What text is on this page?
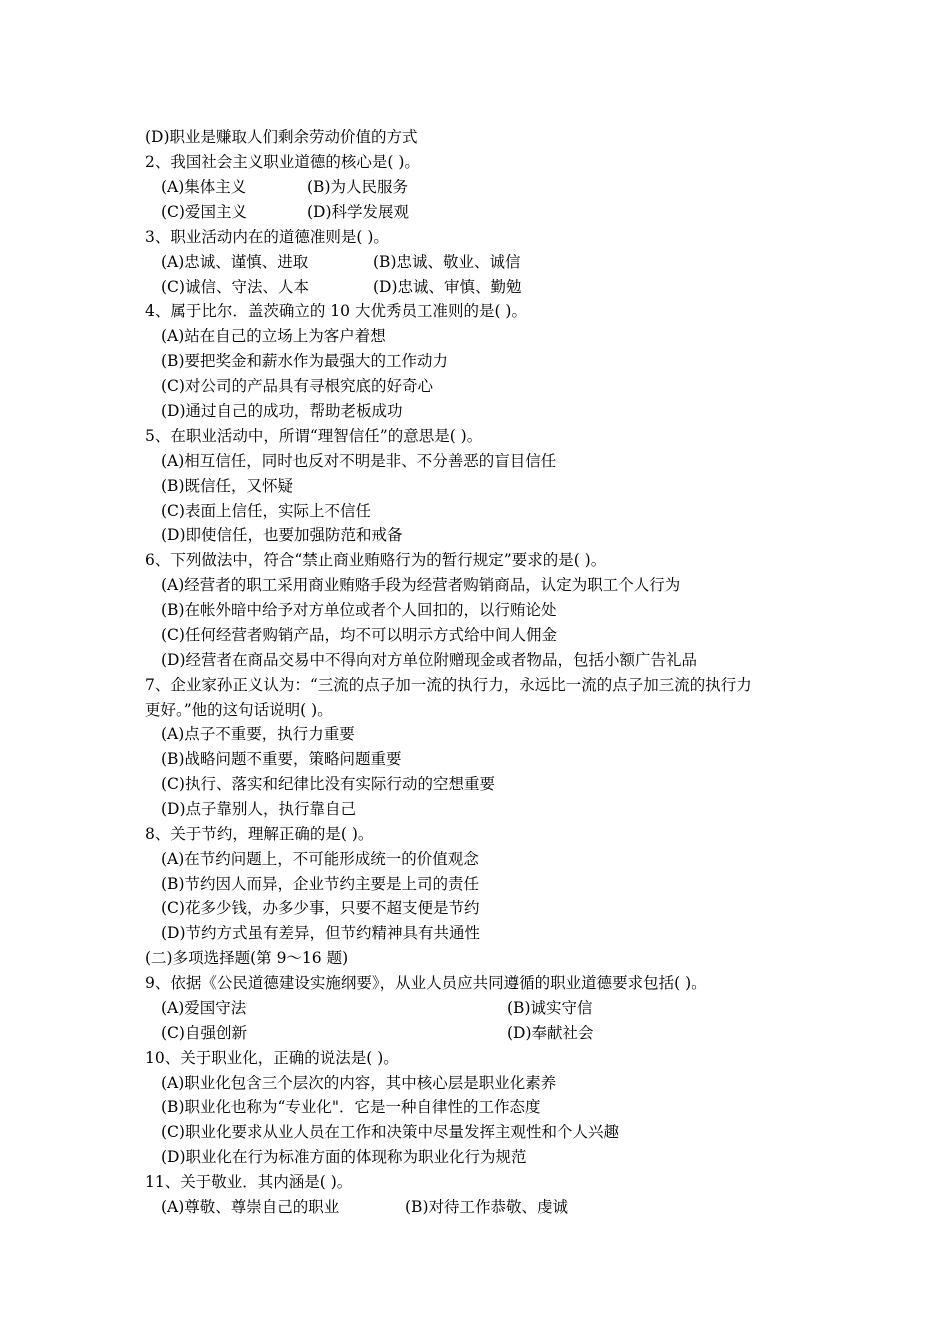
(D)职业是赚取人们剩余劳动价值的方式
2、我国社会主义职业道德的核心是( )。
(A)集体主义	(B)为人民服务
(C)爱国主义	(D)科学发展观
3、职业活动内在的道德准则是( )。
(A)忠诚、谨慎、进取	(B)忠诚、敬业、诚信
(C)诚信、守法、人本	(D)忠诚、审慎、勤勉
4、属于比尔．盖茨确立的 10 大优秀员工准则的是( )。
(A)站在自己的立场上为客户着想
(B)要把奖金和薪水作为最强大的工作动力
(C)对公司的产品具有寻根究底的好奇心
(D)通过自己的成功，帮助老板成功
5、在职业活动中，所谓“理智信任”的意思是( )。
(A)相互信任，同时也反对不明是非、不分善恶的盲目信任
(B)既信任，又怀疑
(C)表面上信任，实际上不信任
(D)即使信任，也要加强防范和戒备
6、下列做法中，符合“禁止商业贿赂行为的暂行规定”要求的是( )。
(A)经营者的职工采用商业贿赂手段为经营者购销商品，认定为职工个人行为
(B)在帐外暗中给予对方单位或者个人回扣的，以行贿论处
(C)任何经营者购销产品，均不可以明示方式给中间人佣金
(D)经营者在商品交易中不得向对方单位附赠现金或者物品，包括小额广告礼品
7、企业家孙正义认为：“三流的点子加一流的执行力，永远比一流的点子加三流的执行力
更好。”他的这句话说明( )。
(A)点子不重要，执行力重要
(B)战略问题不重要，策略问题重要
(C)执行、落实和纪律比没有实际行动的空想重要
(D)点子靠别人，执行靠自己
8、关于节约，理解正确的是( )。
(A)在节约问题上，不可能形成统一的价值观念
(B)节约因人而异，企业节约主要是上司的责任
(C)花多少钱，办多少事，只要不超支便是节约
(D)节约方式虽有差异，但节约精神具有共通性
(二)多项选择题(第 9～16 题)
9、依据《公民道德建设实施纲要》，从业人员应共同遵循的职业道德要求包括( )。
(A)爱国守法	(B)诚实守信
(C)自强创新	(D)奉献社会
10、关于职业化，正确的说法是( )。
(A)职业化包含三个层次的内容，其中核心层是职业化素养
(B)职业化也称为“专业化"．它是一种自律性的工作态度
(C)职业化要求从业人员在工作和决策中尽量发挥主观性和个人兴趣
(D)职业化在行为标准方面的体现称为职业化行为规范
11、关于敬业．其内涵是( )。
(A)尊敬、尊崇自己的职业	(B)对待工作恭敬、虔诚
